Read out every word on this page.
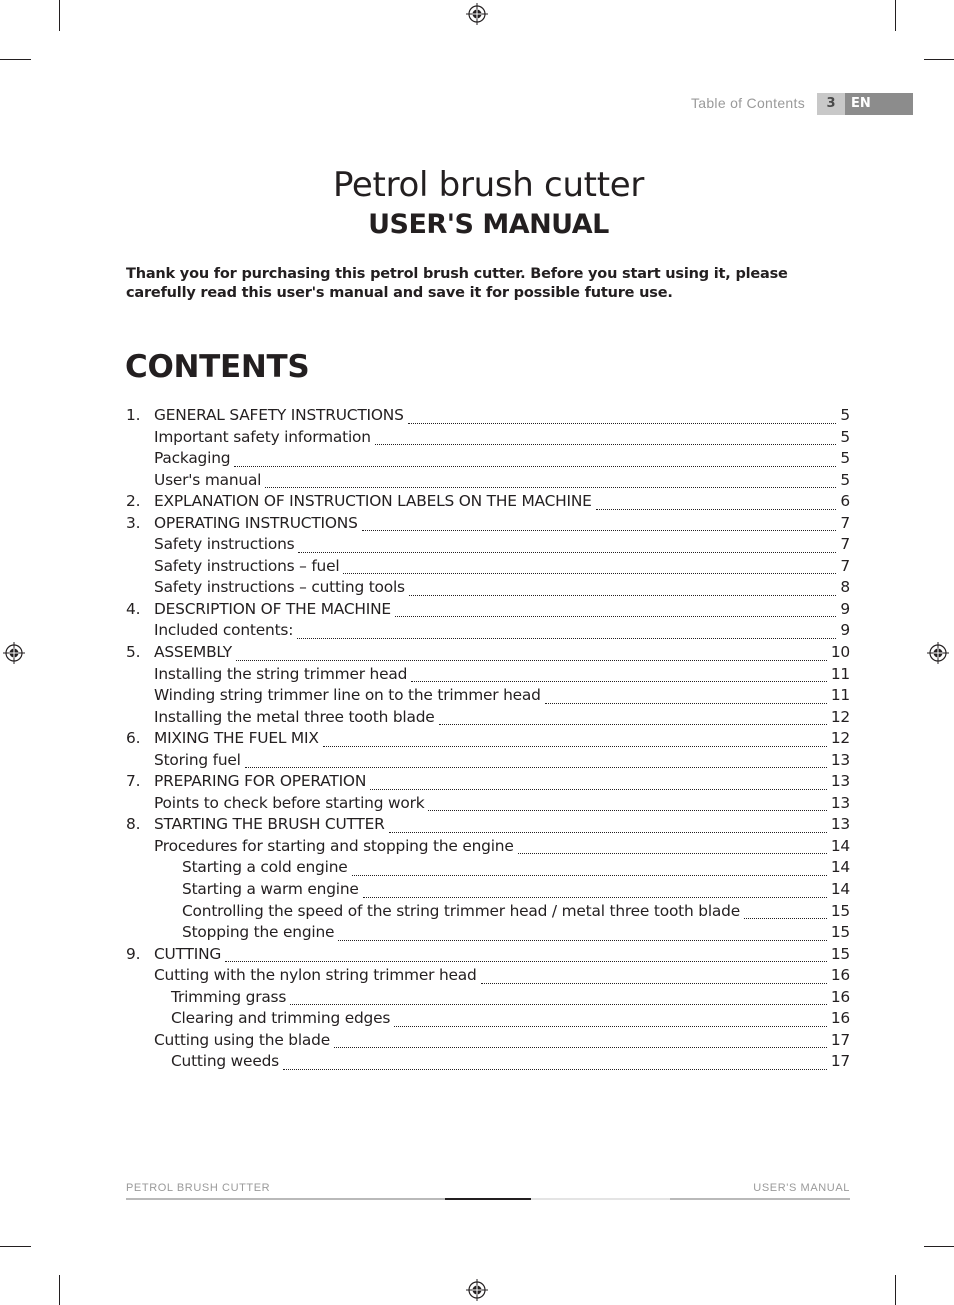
Table of Contents	3	EN
Petrol brush cutter
USER'S MANUAL

Thank you for purchasing this petrol brush cutter. Before you start using it, please carefully read this user's manual and save it for possible future use.

CONTENTS
1. GENERAL SAFETY INSTRUCTIONS	5
Important safety information	5
Packaging	5
User's manual	5
2. EXPLANATION OF INSTRUCTION LABELS ON THE MACHINE	6
3. OPERATING INSTRUCTIONS	7
Safety instructions	7
Safety instructions – fuel	7
Safety instructions – cutting tools	8
4. DESCRIPTION OF THE MACHINE	9
Included contents:	9
5. ASSEMBLY	10
Installing the string trimmer head	11
Winding string trimmer line on to the trimmer head	11
Installing the metal three tooth blade	12
6. MIXING THE FUEL MIX	12
Storing fuel	13
7. PREPARING FOR OPERATION	13
Points to check before starting work	13
8. STARTING THE BRUSH CUTTER	13
Procedures for starting and stopping the engine	14
Starting a cold engine	14
Starting a warm engine	14
Controlling the speed of the string trimmer head / metal three tooth blade	15
Stopping the engine	15
9. CUTTING	15
Cutting with the nylon string trimmer head	16
Trimming grass	16
Clearing and trimming edges	16
Cutting using the blade	17
Cutting weeds	17
PETROL BRUSH CUTTER	USER'S MANUAL
